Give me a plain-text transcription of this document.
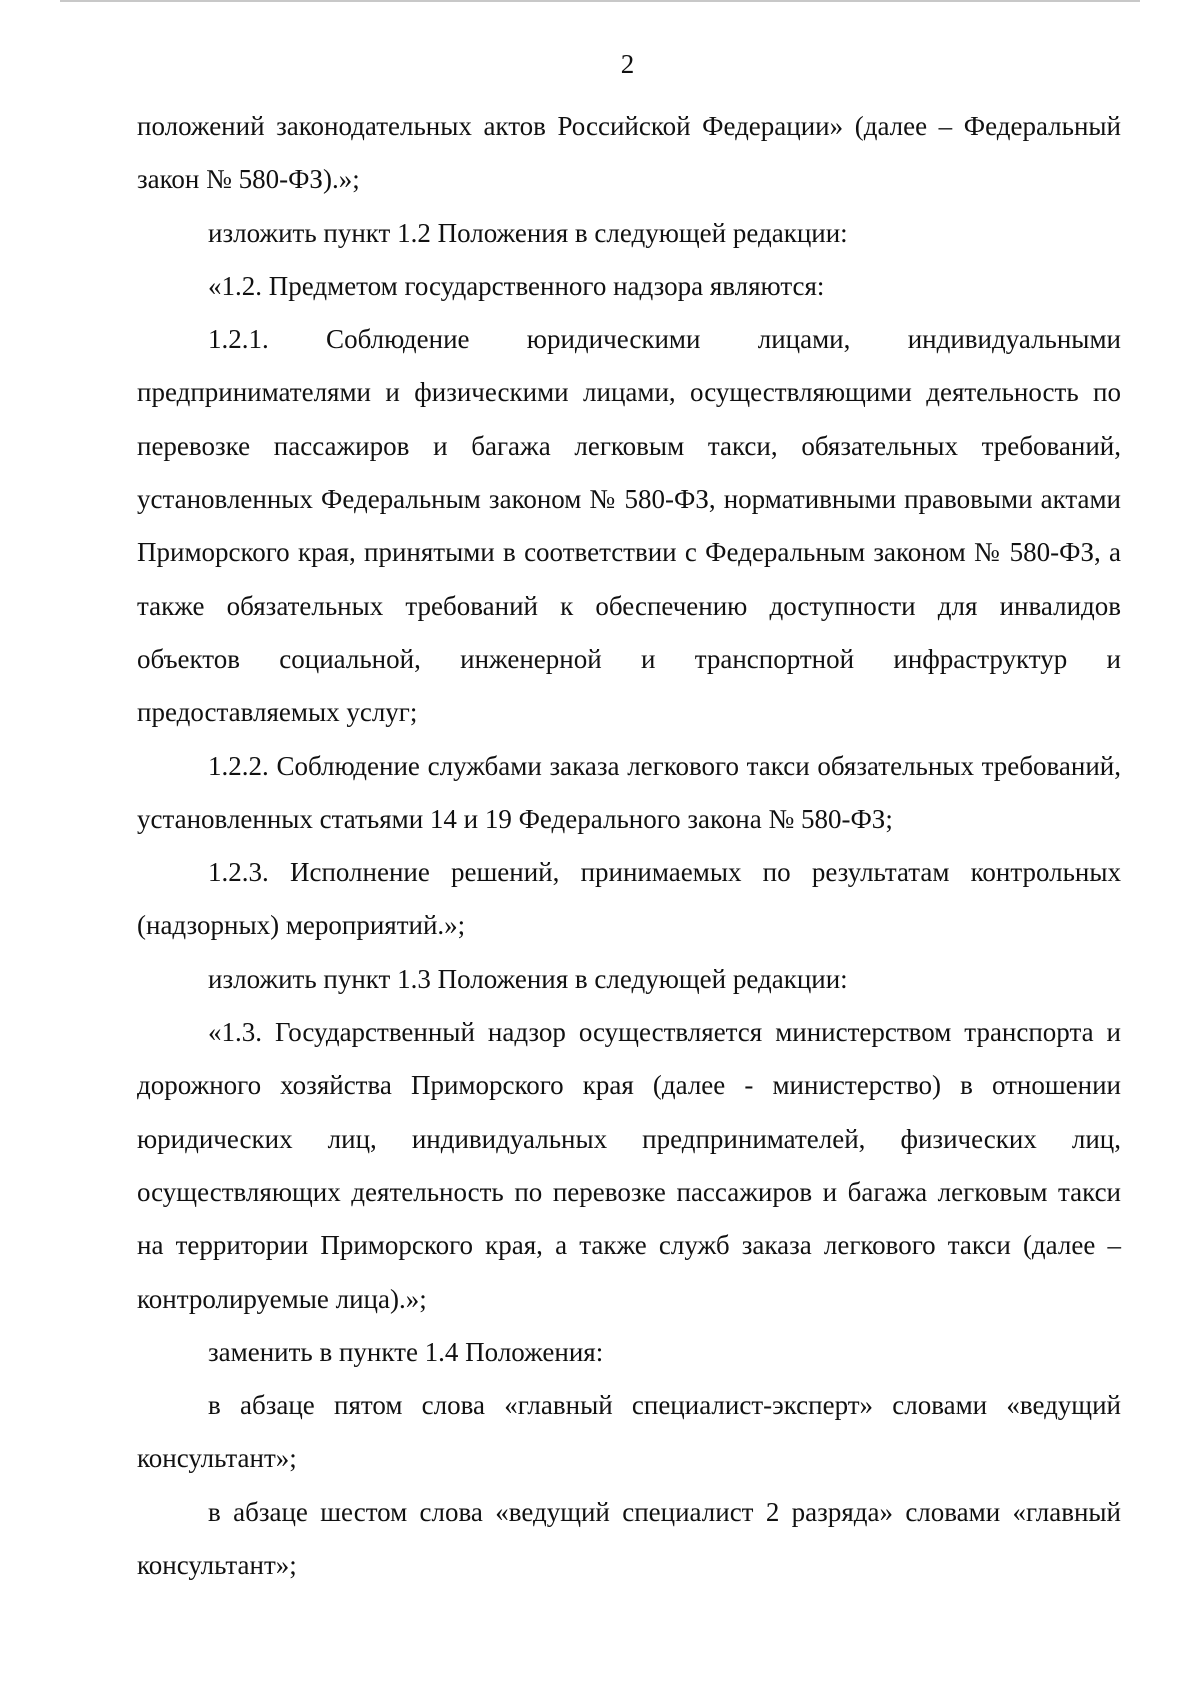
2

положений законодательных актов Российской Федерации» (далее – Федеральный закон № 580-ФЗ).»;

изложить пункт 1.2 Положения в следующей редакции:

«1.2. Предметом государственного надзора являются:

1.2.1. Соблюдение юридическими лицами, индивидуальными предпринимателями и физическими лицами, осуществляющими деятельность по перевозке пассажиров и багажа легковым такси, обязательных требований, установленных Федеральным законом № 580-ФЗ, нормативными правовыми актами Приморского края, принятыми в соответствии с Федеральным законом № 580-ФЗ, а также обязательных требований к обеспечению доступности для инвалидов объектов социальной, инженерной и транспортной инфраструктур и предоставляемых услуг;

1.2.2. Соблюдение службами заказа легкового такси обязательных требований, установленных статьями 14 и 19 Федерального закона № 580-ФЗ;

1.2.3. Исполнение решений, принимаемых по результатам контрольных (надзорных) мероприятий.»;

изложить пункт 1.3 Положения в следующей редакции:

«1.3. Государственный надзор осуществляется министерством транспорта и дорожного хозяйства Приморского края (далее - министерство) в отношении юридических лиц, индивидуальных предпринимателей, физических лиц, осуществляющих деятельность по перевозке пассажиров и багажа легковым такси на территории Приморского края, а также служб заказа легкового такси (далее – контролируемые лица).»;

заменить в пункте 1.4 Положения:

в абзаце пятом слова «главный специалист-эксперт» словами «ведущий консультант»;

в абзаце шестом слова «ведущий специалист 2 разряда» словами «главный консультант»;
